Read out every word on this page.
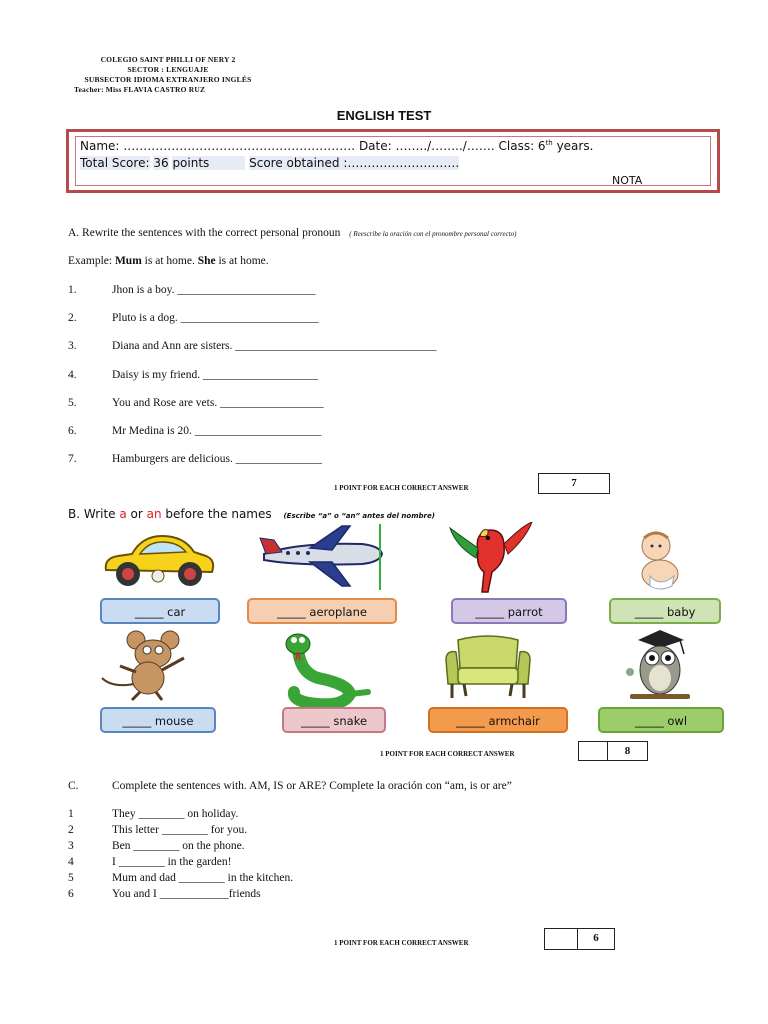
COLEGIO SAINT PHILLI OF NERY 2
SECTOR : LENGUAJE
SUBSECTOR IDIOMA EXTRANJERO INGLÉS
Teacher: Miss FLAVIA CASTRO RUZ
ENGLISH TEST
Name: …………………………………………………. Date: ……../……../……. Class: 6th years.
Total Score: 36 points	Score obtained :……………………….
NOTA
A. Rewrite the sentences with the correct personal pronoun ( Reescribe la oración con el pronombre personal correcto)
Example: Mum is at home. She is at home.
1.	Jhon is a boy. ________________________
2.	Pluto is a dog. ________________________
3.	Diana and Ann are sisters. ___________________________________
4.	Daisy is my friend. ____________________
5.	You and Rose are vets. __________________
6.	Mr Medina is 20. ______________________
7.	Hamburgers are delicious. _______________
1 POINT FOR EACH CORRECT ANSWER	7
B. Write a or an before the names (Escribe “a” o “an” antes del nombre)
_____ car	_____ aeroplane	_____ parrot	_____ baby
_____ mouse	_____ snake	_____ armchair	_____ owl
1 POINT FOR EACH CORRECT ANSWER	8
C.	Complete the sentences with. AM, IS or ARE? Complete la oración con “am, is or are”
1	They ________ on holiday.
2	This letter ________ for you.
3	Ben ________ on the phone.
4	I ________ in the garden!
5	Mum and dad ________ in the kitchen.
6	You and I ____________friends
1 POINT FOR EACH CORRECT ANSWER	6
